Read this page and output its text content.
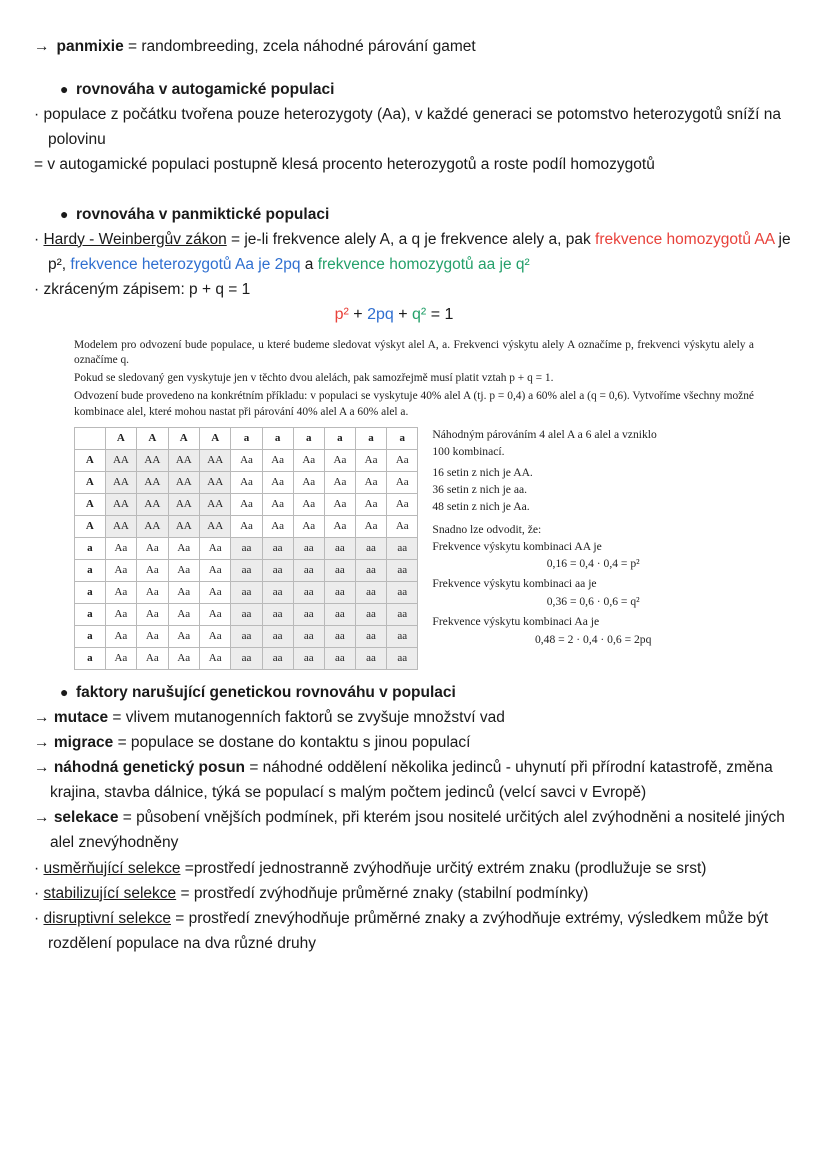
→ panmixie = randombreeding, zcela náhodné párování gamet
● rovnováha v autogamické populaci
· populace z počátku tvořena pouze heterozygoty (Aa), v každé generaci se potomstvo heterozygotů sníží na polovinu
= v autogamické populaci postupně klesá procento heterozygotů a roste podíl homozygotů
● rovnováha v panmiktické populaci
· Hardy - Weinbergův zákon = je-li frekvence alely A, a q je frekvence alely a, pak frekvence homozygotů AA je p², frekvence heterozygotů Aa je 2pq a frekvence homozygotů aa je q²
· zkráceným zápisem: p + q = 1
p² + 2pq + q² = 1
Modelem pro odvození bude populace, u které budeme sledovat výskyt alel A, a. Frekvenci výskytu alely A označíme p, frekvenci výskytu alely a označíme q.
Pokud se sledovaný gen vyskytuje jen v těchto dvou alelách, pak samozřejmě musí platit vztah p + q = 1.
Odvození bude provedeno na konkrétním příkladu: v populaci se vyskytuje 40% alel A (tj. p = 0,4) a 60% alel a (q = 0,6). Vytvoříme všechny možné kombinace alel, které mohou nastat při párování 40% alel A a 60% alel a.
	A	A	A	A	a	a	a	a	a	a
A	AA	AA	AA	AA	Aa	Aa	Aa	Aa	Aa	Aa
A	AA	AA	AA	AA	Aa	Aa	Aa	Aa	Aa	Aa
A	AA	AA	AA	AA	Aa	Aa	Aa	Aa	Aa	Aa
A	AA	AA	AA	AA	Aa	Aa	Aa	Aa	Aa	Aa
a	Aa	Aa	Aa	Aa	aa	aa	aa	aa	aa	aa
a	Aa	Aa	Aa	Aa	aa	aa	aa	aa	aa	aa
a	Aa	Aa	Aa	Aa	aa	aa	aa	aa	aa	aa
a	Aa	Aa	Aa	Aa	aa	aa	aa	aa	aa	aa
a	Aa	Aa	Aa	Aa	aa	aa	aa	aa	aa	aa
a	Aa	Aa	Aa	Aa	aa	aa	aa	aa	aa	aa
Náhodným párováním 4 alel A a 6 alel a vzniklo
100 kombinací.
16 setin z nich je AA.
36 setin z nich je aa.
48 setin z nich je Aa.
Snadno lze odvodit, že:
Frekvence výskytu kombinaci AA je
0,16 = 0,4 · 0,4 = p²
Frekvence výskytu kombinaci aa je
0,36 = 0,6 · 0,6 = q²
Frekvence výskytu kombinaci Aa je
0,48 = 2 · 0,4 · 0,6 = 2pq
● faktory narušující genetickou rovnováhu v populaci
→ mutace = vlivem mutanogenních faktorů se zvyšuje množství vad
→ migrace = populace se dostane do kontaktu s jinou populací
→ náhodná genetický posun = náhodné oddělení několika jedinců - uhynutí při přírodní katastrofě, změna krajina, stavba dálnice, týká se populací s malým počtem jedinců (velcí savci v Evropě)
→ selekace = působení vnějších podmínek, při kterém jsou nositelé určitých alel zvýhodněni a nositelé jiných alel znevýhodněny
· usměrňující selekce =prostředí jednostranně zvýhodňuje určitý extrém znaku (prodlužuje se srst)
· stabilizující selekce = prostředí zvýhodňuje průměrné znaky (stabilní podmínky)
· disruptivní selekce = prostředí znevýhodňuje průměrné znaky a zvýhodňuje extrémy, výsledkem může být rozdělení populace na dva různé druhy
